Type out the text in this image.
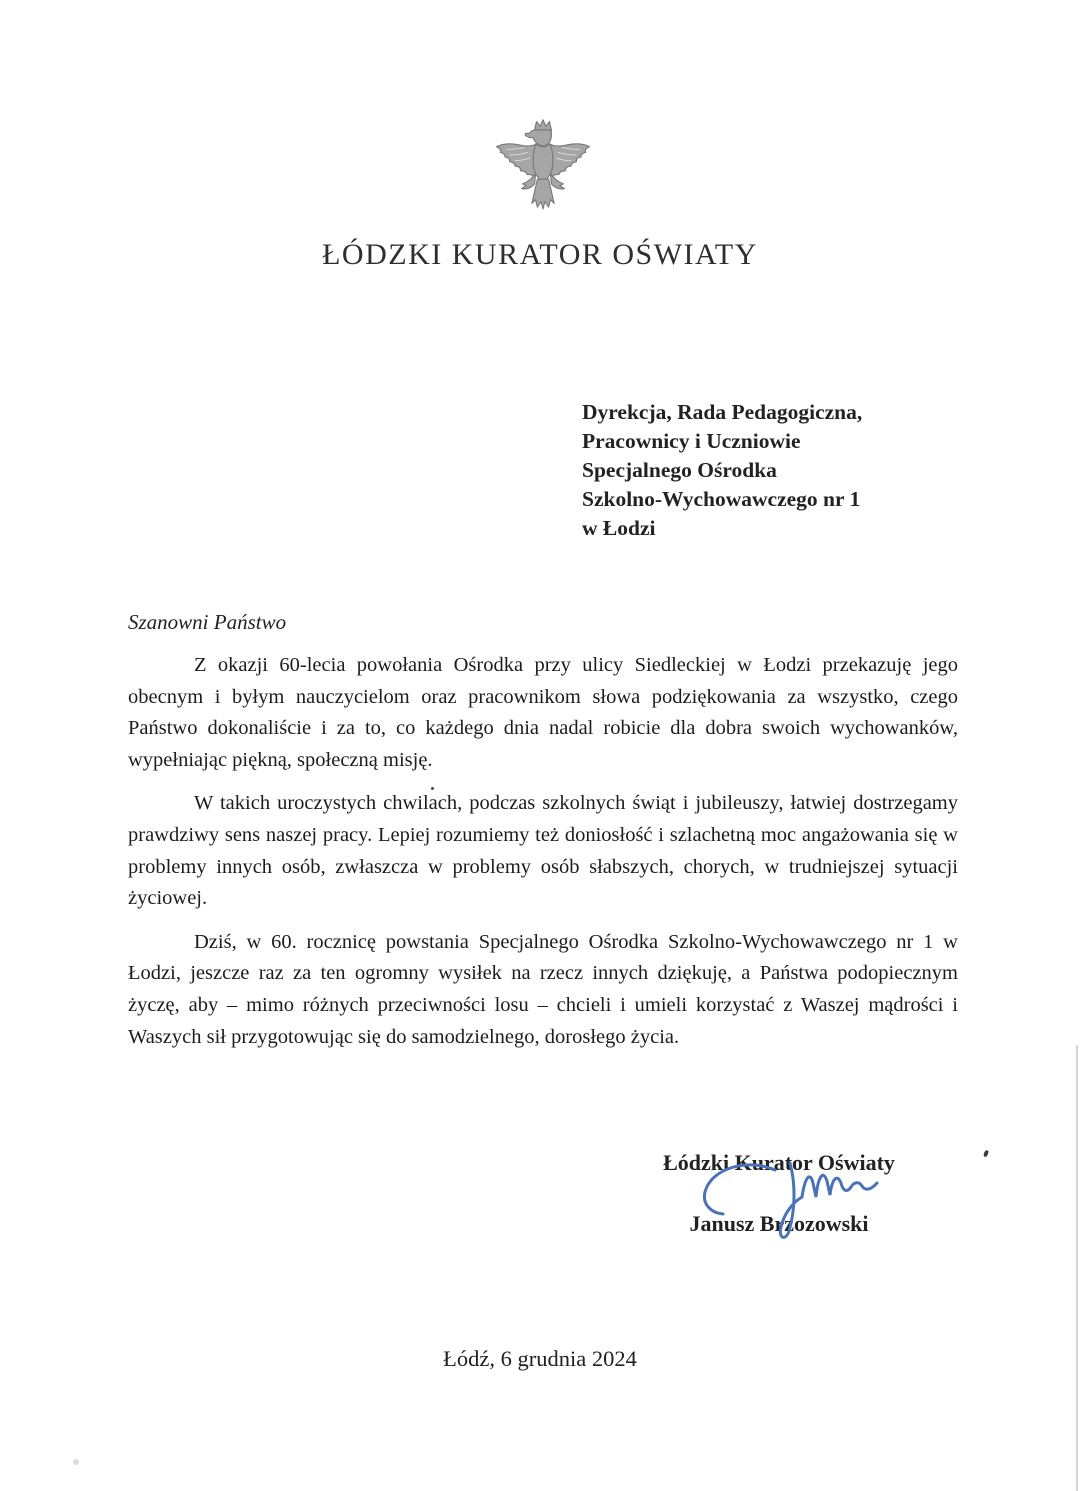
ŁÓDZKI KURATOR OŚWIATY
Dyrekcja, Rada Pedagogiczna,
Pracownicy i Uczniowie
Specjalnego Ośrodka
Szkolno-Wychowawczego nr 1
w Łodzi
Szanowni Państwo

Z okazji 60-lecia powołania Ośrodka przy ulicy Siedleckiej w Łodzi przekazuję jego obecnym i byłym nauczycielom oraz pracownikom słowa podziękowania za wszystko, czego Państwo dokonaliście i za to, co każdego dnia nadal robicie dla dobra swoich wychowanków, wypełniając piękną, społeczną misję.

W takich uroczystych chwilach, podczas szkolnych świąt i jubileuszy, łatwiej dostrzegamy prawdziwy sens naszej pracy. Lepiej rozumiemy też doniosłość i szlachetną moc angażowania się w problemy innych osób, zwłaszcza w problemy osób słabszych, chorych, w trudniejszej sytuacji życiowej.

Dziś, w 60. rocznicę powstania Specjalnego Ośrodka Szkolno-Wychowawczego nr 1 w Łodzi, jeszcze raz za ten ogromny wysiłek na rzecz innych dziękuję, a Państwa podopiecznym życzę, aby – mimo różnych przeciwności losu – chcieli i umieli korzystać z Waszej mądrości i Waszych sił przygotowując się do samodzielnego, dorosłego życia.

Łódzki Kurator Oświaty
Janusz Brzozowski
Łódź, 6 grudnia 2024
